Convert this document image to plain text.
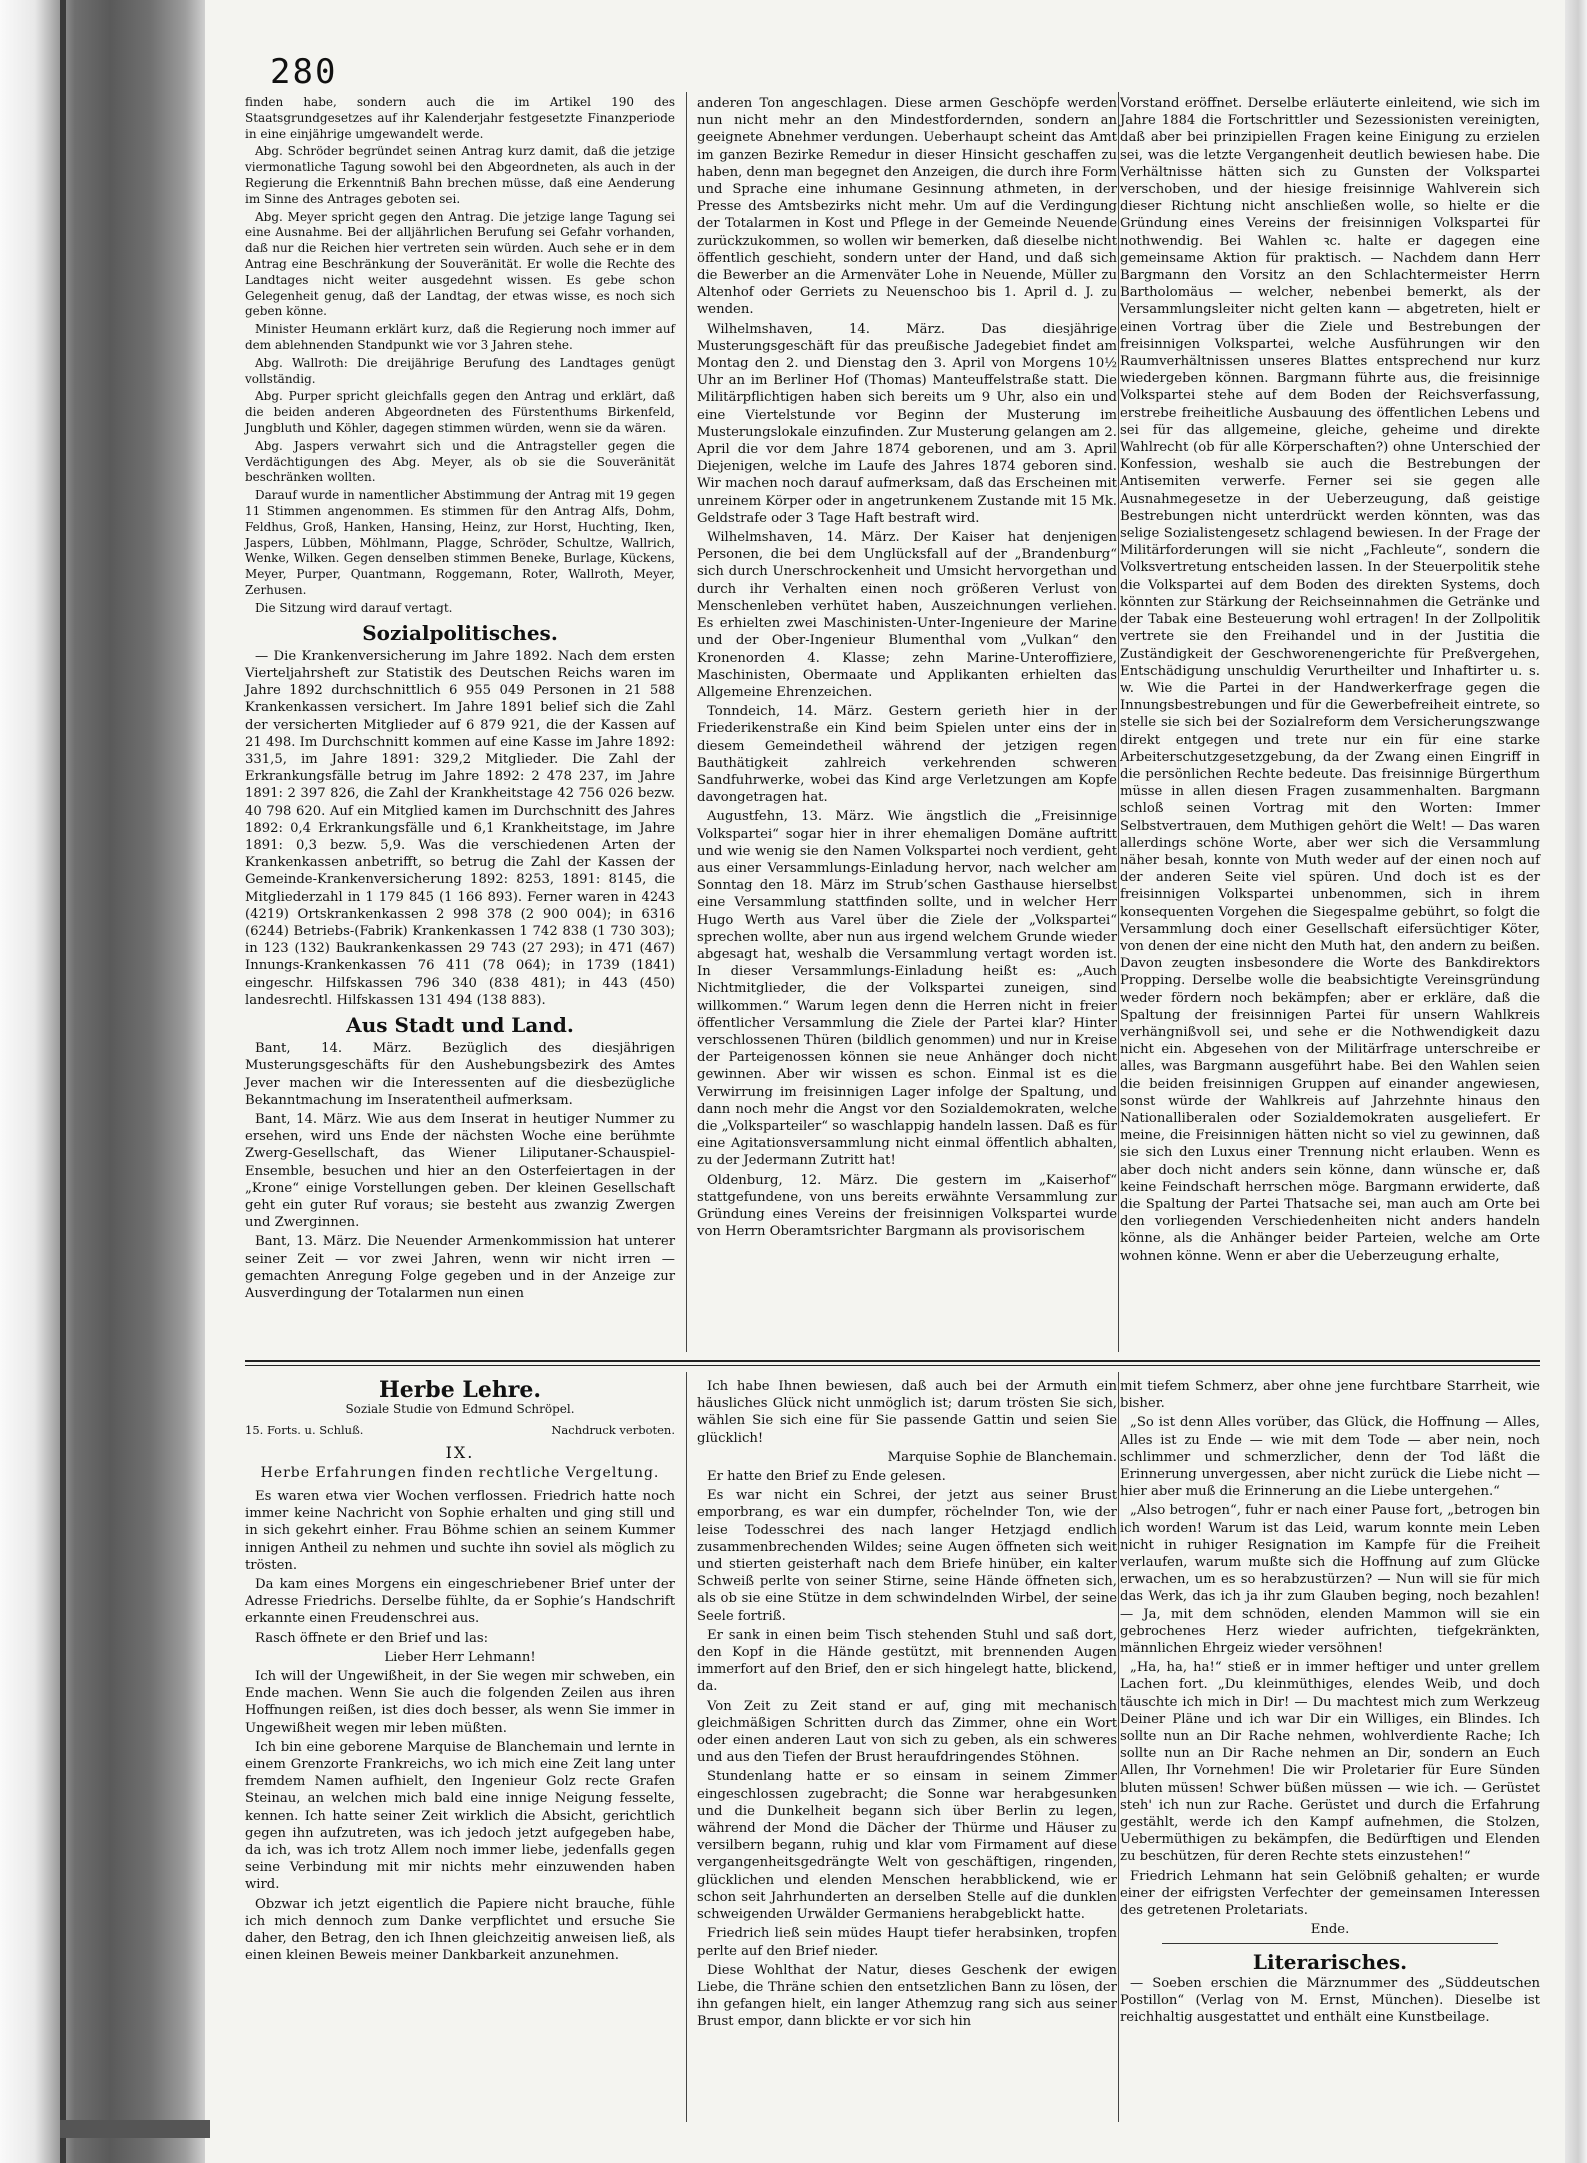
280

finden habe, sondern auch die im Artikel 190 des Staatsgrundgesetzes auf ihr Kalenderjahr festgesetzte Finanzperiode in eine einjährige umgewandelt werde.

Abg. Schröder begründet seinen Antrag kurz damit, daß die jetzige viermonatliche Tagung sowohl bei den Abgeordneten, als auch in der Regierung die Erkenntniß Bahn brechen müsse, daß eine Aenderung im Sinne des Antrages geboten sei.

Abg. Meyer spricht gegen den Antrag. Die jetzige lange Tagung sei eine Ausnahme. Bei der alljährlichen Berufung sei Gefahr vorhanden, daß nur die Reichen hier vertreten sein würden. Auch sehe er in dem Antrag eine Beschränkung der Souveränität. Er wolle die Rechte des Landtages nicht weiter ausgedehnt wissen. Es gebe schon Gelegenheit genug, daß der Landtag, der etwas wisse, es noch sich geben könne.

Minister Heumann erklärt kurz, daß die Regierung noch immer auf dem ablehnenden Standpunkt wie vor 3 Jahren stehe.

Abg. Wallroth: Die dreijährige Berufung des Landtages genügt vollständig.

Abg. Purper spricht gleichfalls gegen den Antrag und erklärt, daß die beiden anderen Abgeordneten des Fürstenthums Birkenfeld, Jungbluth und Köhler, dagegen stimmen würden, wenn sie da wären.

Abg. Jaspers verwahrt sich und die Antragsteller gegen die Verdächtigungen des Abg. Meyer, als ob sie die Souveränität beschränken wollten.

Darauf wurde in namentlicher Abstimmung der Antrag mit 19 gegen 11 Stimmen angenommen. Es stimmen für den Antrag Alfs, Dohm, Feldhus, Groß, Hanken, Hansing, Heinz, zur Horst, Huchting, Iken, Jaspers, Lübben, Möhlmann, Plagge, Schröder, Schultze, Wallrich, Wenke, Wilken. Gegen denselben stimmen Beneke, Burlage, Kückens, Meyer, Purper, Quantmann, Roggemann, Roter, Wallroth, Meyer, Zerhusen.

Die Sitzung wird darauf vertagt.

Sozialpolitisches.

— Die Krankenversicherung im Jahre 1892. Nach dem ersten Vierteljahrsheft zur Statistik des Deutschen Reichs waren im Jahre 1892 durchschnittlich 6 955 049 Personen in 21 588 Krankenkassen versichert. Im Jahre 1891 belief sich die Zahl der versicherten Mitglieder auf 6 879 921, die der Kassen auf 21 498. Im Durchschnitt kommen auf eine Kasse im Jahre 1892: 331,5, im Jahre 1891: 329,2 Mitglieder. Die Zahl der Erkrankungsfälle betrug im Jahre 1892: 2 478 237, im Jahre 1891: 2 397 826, die Zahl der Krankheitstage 42 756 026 bezw. 40 798 620. Auf ein Mitglied kamen im Durchschnitt des Jahres 1892: 0,4 Erkrankungsfälle und 6,1 Krankheitstage, im Jahre 1891: 0,3 bezw. 5,9. Was die verschiedenen Arten der Krankenkassen anbetrifft, so betrug die Zahl der Kassen der Gemeinde-Krankenversicherung 1892: 8253, 1891: 8145, die Mitgliederzahl in 1 179 845 (1 166 893). Ferner waren in 4243 (4219) Ortskrankenkassen 2 998 378 (2 900 004); in 6316 (6244) Betriebs-(Fabrik) Krankenkassen 1 742 838 (1 730 303); in 123 (132) Baukrankenkassen 29 743 (27 293); in 471 (467) Innungs-Krankenkassen 76 411 (78 064); in 1739 (1841) eingeschr. Hilfskassen 796 340 (838 481); in 443 (450) landesrechtl. Hilfskassen 131 494 (138 883).

Aus Stadt und Land.

Bant, 14. März. Bezüglich des diesjährigen Musterungsgeschäfts für den Aushebungsbezirk des Amtes Jever machen wir die Interessenten auf die diesbezügliche Bekanntmachung im Inseratentheil aufmerksam.

Bant, 14. März. Wie aus dem Inserat in heutiger Nummer zu ersehen, wird uns Ende der nächsten Woche eine berühmte Zwerg-Gesellschaft, das Wiener Liliputaner-Schauspiel-Ensemble, besuchen und hier an den Osterfeiertagen in der „Krone“ einige Vorstellungen geben. Der kleinen Gesellschaft geht ein guter Ruf voraus; sie besteht aus zwanzig Zwergen und Zwerginnen.

Bant, 13. März. Die Neuender Armenkommission hat unterer seiner Zeit — vor zwei Jahren, wenn wir nicht irren — gemachten Anregung Folge gegeben und in der Anzeige zur Ausverdingung der Totalarmen nun einen

anderen Ton angeschlagen. Diese armen Geschöpfe werden nun nicht mehr an den Mindestfordernden, sondern an geeignete Abnehmer verdungen. Ueberhaupt scheint das Amt im ganzen Bezirke Remedur in dieser Hinsicht geschaffen zu haben, denn man begegnet den Anzeigen, die durch ihre Form und Sprache eine inhumane Gesinnung athmeten, in der Presse des Amtsbezirks nicht mehr. Um auf die Verdingung der Totalarmen in Kost und Pflege in der Gemeinde Neuende zurückzukommen, so wollen wir bemerken, daß dieselbe nicht öffentlich geschieht, sondern unter der Hand, und daß sich die Bewerber an die Armenväter Lohe in Neuende, Müller zu Altenhof oder Gerriets zu Neuenschoo bis 1. April d. J. zu wenden.

Wilhelmshaven, 14. März. Das diesjährige Musterungsgeschäft für das preußische Jadegebiet findet am Montag den 2. und Dienstag den 3. April von Morgens 10½ Uhr an im Berliner Hof (Thomas) Manteuffelstraße statt. Die Militärpflichtigen haben sich bereits um 9 Uhr, also ein und eine Viertelstunde vor Beginn der Musterung im Musterungslokale einzufinden. Zur Musterung gelangen am 2. April die vor dem Jahre 1874 geborenen, und am 3. April Diejenigen, welche im Laufe des Jahres 1874 geboren sind. Wir machen noch darauf aufmerksam, daß das Erscheinen mit unreinem Körper oder in angetrunkenem Zustande mit 15 Mk. Geldstrafe oder 3 Tage Haft bestraft wird.

Wilhelmshaven, 14. März. Der Kaiser hat denjenigen Personen, die bei dem Unglücksfall auf der „Brandenburg“ sich durch Unerschrockenheit und Umsicht hervorgethan und durch ihr Verhalten einen noch größeren Verlust von Menschenleben verhütet haben, Auszeichnungen verliehen. Es erhielten zwei Maschinisten-Unter-Ingenieure der Marine und der Ober-Ingenieur Blumenthal vom „Vulkan“ den Kronenorden 4. Klasse; zehn Marine-Unteroffiziere, Maschinisten, Obermaate und Applikanten erhielten das Allgemeine Ehrenzeichen.

Tonndeich, 14. März. Gestern gerieth hier in der Friederikenstraße ein Kind beim Spielen unter eins der in diesem Gemeindetheil während der jetzigen regen Bauthätigkeit zahlreich verkehrenden schweren Sandfuhrwerke, wobei das Kind arge Verletzungen am Kopfe davongetragen hat.

Augustfehn, 13. März. Wie ängstlich die „Freisinnige Volkspartei“ sogar hier in ihrer ehemaligen Domäne auftritt und wie wenig sie den Namen Volkspartei noch verdient, geht aus einer Versammlungs-Einladung hervor, nach welcher am Sonntag den 18. März im Strub’schen Gasthause hierselbst eine Versammlung stattfinden sollte, und in welcher Herr Hugo Werth aus Varel über die Ziele der „Volkspartei“ sprechen wollte, aber nun aus irgend welchem Grunde wieder abgesagt hat, weshalb die Versammlung vertagt worden ist. In dieser Versammlungs-Einladung heißt es: „Auch Nichtmitglieder, die der Volkspartei zuneigen, sind willkommen.“ Warum legen denn die Herren nicht in freier öffentlicher Versammlung die Ziele der Partei klar? Hinter verschlossenen Thüren (bildlich genommen) und nur in Kreise der Parteigenossen können sie neue Anhänger doch nicht gewinnen. Aber wir wissen es schon. Einmal ist es die Verwirrung im freisinnigen Lager infolge der Spaltung, und dann noch mehr die Angst vor den Sozialdemokraten, welche die „Volksparteiler“ so waschlappig handeln lassen. Daß es für eine Agitationsversammlung nicht einmal öffentlich abhalten, zu der Jedermann Zutritt hat!

Oldenburg, 12. März. Die gestern im „Kaiserhof“ stattgefundene, von uns bereits erwähnte Versammlung zur Gründung eines Vereins der freisinnigen Volkspartei wurde von Herrn Oberamtsrichter Bargmann als provisorischem

Vorstand eröffnet. Derselbe erläuterte einleitend, wie sich im Jahre 1884 die Fortschrittler und Sezessionisten vereinigten, daß aber bei prinzipiellen Fragen keine Einigung zu erzielen sei, was die letzte Vergangenheit deutlich bewiesen habe. Die Verhältnisse hätten sich zu Gunsten der Volkspartei verschoben, und der hiesige freisinnige Wahlverein sich dieser Richtung nicht anschließen wolle, so hielte er die Gründung eines Vereins der freisinnigen Volkspartei für nothwendig. Bei Wahlen ꝛc. halte er dagegen eine gemeinsame Aktion für praktisch. — Nachdem dann Herr Bargmann den Vorsitz an den Schlachtermeister Herrn Bartholomäus — welcher, nebenbei bemerkt, als der Versammlungsleiter nicht gelten kann — abgetreten, hielt er einen Vortrag über die Ziele und Bestrebungen der freisinnigen Volkspartei, welche Ausführungen wir den Raumverhältnissen unseres Blattes entsprechend nur kurz wiedergeben können. Bargmann führte aus, die freisinnige Volkspartei stehe auf dem Boden der Reichsverfassung, erstrebe freiheitliche Ausbauung des öffentlichen Lebens und sei für das allgemeine, gleiche, geheime und direkte Wahlrecht (ob für alle Körperschaften?) ohne Unterschied der Konfession, weshalb sie auch die Bestrebungen der Antisemiten verwerfe. Ferner sei sie gegen alle Ausnahmegesetze in der Ueberzeugung, daß geistige Bestrebungen nicht unterdrückt werden könnten, was das selige Sozialistengesetz schlagend bewiesen. In der Frage der Militärforderungen will sie nicht „Fachleute“, sondern die Volksvertretung entscheiden lassen. In der Steuerpolitik stehe die Volkspartei auf dem Boden des direkten Systems, doch könnten zur Stärkung der Reichseinnahmen die Getränke und der Tabak eine Besteuerung wohl ertragen! In der Zollpolitik vertrete sie den Freihandel und in der Justitia die Zuständigkeit der Geschworenengerichte für Preßvergehen, Entschädigung unschuldig Verurtheilter und Inhaftirter u. s. w. Wie die Partei in der Handwerkerfrage gegen die Innungsbestrebungen und für die Gewerbefreiheit eintrete, so stelle sie sich bei der Sozialreform dem Versicherungszwange direkt entgegen und trete nur ein für eine starke Arbeiterschutzgesetzgebung, da der Zwang einen Eingriff in die persönlichen Rechte bedeute. Das freisinnige Bürgerthum müsse in allen diesen Fragen zusammenhalten. Bargmann schloß seinen Vortrag mit den Worten: Immer Selbstvertrauen, dem Muthigen gehört die Welt! — Das waren allerdings schöne Worte, aber wer sich die Versammlung näher besah, konnte von Muth weder auf der einen noch auf der anderen Seite viel spüren. Und doch ist es der freisinnigen Volkspartei unbenommen, sich in ihrem konsequenten Vorgehen die Siegespalme gebührt, so folgt die Versammlung doch einer Gesellschaft eifersüchtiger Köter, von denen der eine nicht den Muth hat, den andern zu beißen. Davon zeugten insbesondere die Worte des Bankdirektors Propping. Derselbe wolle die beabsichtigte Vereinsgründung weder fördern noch bekämpfen; aber er erkläre, daß die Spaltung der freisinnigen Partei für unsern Wahlkreis verhängnißvoll sei, und sehe er die Nothwendigkeit dazu nicht ein. Abgesehen von der Militärfrage unterschreibe er alles, was Bargmann ausgeführt habe. Bei den Wahlen seien die beiden freisinnigen Gruppen auf einander angewiesen, sonst würde der Wahlkreis auf Jahrzehnte hinaus den Nationalliberalen oder Sozialdemokraten ausgeliefert. Er meine, die Freisinnigen hätten nicht so viel zu gewinnen, daß sie sich den Luxus einer Trennung nicht erlauben. Wenn es aber doch nicht anders sein könne, dann wünsche er, daß keine Feindschaft herrschen möge. Bargmann erwiderte, daß die Spaltung der Partei Thatsache sei, man auch am Orte bei den vorliegenden Verschiedenheiten nicht anders handeln könne, als die Anhänger beider Parteien, welche am Orte wohnen könne. Wenn er aber die Ueberzeugung erhalte,

Herbe Lehre.
Soziale Studie von Edmund Schröpel.
15. Forts. u. Schluß.	Nachdruck verboten.
IX.
Herbe Erfahrungen finden rechtliche Vergeltung.

Es waren etwa vier Wochen verflossen. Friedrich hatte noch immer keine Nachricht von Sophie erhalten und ging still und in sich gekehrt einher. Frau Böhme schien an seinem Kummer innigen Antheil zu nehmen und suchte ihn soviel als möglich zu trösten.

Da kam eines Morgens ein eingeschriebener Brief unter der Adresse Friedrichs. Derselbe fühlte, da er Sophie’s Handschrift erkannte einen Freudenschrei aus.

Rasch öffnete er den Brief und las:

Lieber Herr Lehmann!

Ich will der Ungewißheit, in der Sie wegen mir schweben, ein Ende machen. Wenn Sie auch die folgenden Zeilen aus ihren Hoffnungen reißen, ist dies doch besser, als wenn Sie immer in Ungewißheit wegen mir leben müßten.

Ich bin eine geborene Marquise de Blanchemain und lernte in einem Grenzorte Frankreichs, wo ich mich eine Zeit lang unter fremdem Namen aufhielt, den Ingenieur Golz recte Grafen Steinau, an welchen mich bald eine innige Neigung fesselte, kennen. Ich hatte seiner Zeit wirklich die Absicht, gerichtlich gegen ihn aufzutreten, was ich jedoch jetzt aufgegeben habe, da ich, was ich trotz Allem noch immer liebe, jedenfalls gegen seine Verbindung mit mir nichts mehr einzuwenden haben wird.

Obzwar ich jetzt eigentlich die Papiere nicht brauche, fühle ich mich dennoch zum Danke verpflichtet und ersuche Sie daher, den Betrag, den ich Ihnen gleichzeitig anweisen ließ, als einen kleinen Beweis meiner Dankbarkeit anzunehmen.

Ich habe Ihnen bewiesen, daß auch bei der Armuth ein häusliches Glück nicht unmöglich ist; darum trösten Sie sich, wählen Sie sich eine für Sie passende Gattin und seien Sie glücklich!

Marquise Sophie de Blanchemain.

Er hatte den Brief zu Ende gelesen.

Es war nicht ein Schrei, der jetzt aus seiner Brust emporbrang, es war ein dumpfer, röchelnder Ton, wie der leise Todesschrei des nach langer Hetzjagd endlich zusammenbrechenden Wildes; seine Augen öffneten sich weit und stierten geisterhaft nach dem Briefe hinüber, ein kalter Schweiß perlte von seiner Stirne, seine Hände öffneten sich, als ob sie eine Stütze in dem schwindelnden Wirbel, der seine Seele fortriß.

Er sank in einen beim Tisch stehenden Stuhl und saß dort, den Kopf in die Hände gestützt, mit brennenden Augen immerfort auf den Brief, den er sich hingelegt hatte, blickend, da.

Von Zeit zu Zeit stand er auf, ging mit mechanisch gleichmäßigen Schritten durch das Zimmer, ohne ein Wort oder einen anderen Laut von sich zu geben, als ein schweres und aus den Tiefen der Brust heraufdringendes Stöhnen.

Stundenlang hatte er so einsam in seinem Zimmer eingeschlossen zugebracht; die Sonne war herabgesunken und die Dunkelheit begann sich über Berlin zu legen, während der Mond die Dächer der Thürme und Häuser zu versilbern begann, ruhig und klar vom Firmament auf diese vergangenheitsgedrängte Welt von geschäftigen, ringenden, glücklichen und elenden Menschen herabblickend, wie er schon seit Jahrhunderten an derselben Stelle auf die dunklen schweigenden Urwälder Germaniens herabgeblickt hatte.

Friedrich ließ sein müdes Haupt tiefer herabsinken, tropfen perlte auf den Brief nieder.

Diese Wohlthat der Natur, dieses Geschenk der ewigen Liebe, die Thräne schien den entsetzlichen Bann zu lösen, der ihn gefangen hielt, ein langer Athemzug rang sich aus seiner Brust empor, dann blickte er vor sich hin

mit tiefem Schmerz, aber ohne jene furchtbare Starrheit, wie bisher.

„So ist denn Alles vorüber, das Glück, die Hoffnung — Alles, Alles ist zu Ende — wie mit dem Tode — aber nein, noch schlimmer und schmerzlicher, denn der Tod läßt die Erinnerung unvergessen, aber nicht zurück die Liebe nicht — hier aber muß die Erinnerung an die Liebe untergehen.“

„Also betrogen“, fuhr er nach einer Pause fort, „betrogen bin ich worden! Warum ist das Leid, warum konnte mein Leben nicht in ruhiger Resignation im Kampfe für die Freiheit verlaufen, warum mußte sich die Hoffnung auf zum Glücke erwachen, um es so herabzustürzen? — Nun will sie für mich das Werk, das ich ja ihr zum Glauben beging, noch bezahlen! — Ja, mit dem schnöden, elenden Mammon will sie ein gebrochenes Herz wieder aufrichten, tiefgekränkten, männlichen Ehrgeiz wieder versöhnen!

„Ha, ha, ha!“ stieß er in immer heftiger und unter grellem Lachen fort. „Du kleinmüthiges, elendes Weib, und doch täuschte ich mich in Dir! — Du machtest mich zum Werkzeug Deiner Pläne und ich war Dir ein Williges, ein Blindes. Ich sollte nun an Dir Rache nehmen, wohlverdiente Rache; Ich sollte nun an Dir Rache nehmen an Dir, sondern an Euch Allen, Ihr Vornehmen! Die wir Proletarier für Eure Sünden bluten müssen! Schwer büßen müssen — wie ich. — Gerüstet steh' ich nun zur Rache. Gerüstet und durch die Erfahrung gestählt, werde ich den Kampf aufnehmen, die Stolzen, Uebermüthigen zu bekämpfen, die Bedürftigen und Elenden zu beschützen, für deren Rechte stets einzustehen!“

Friedrich Lehmann hat sein Gelöbniß gehalten; er wurde einer der eifrigsten Verfechter der gemeinsamen Interessen des getretenen Proletariats.

Ende.

Literarisches.

— Soeben erschien die Märznummer des „Süddeutschen Postillon“ (Verlag von M. Ernst, München). Dieselbe ist reichhaltig ausgestattet und enthält eine Kunstbeilage.
